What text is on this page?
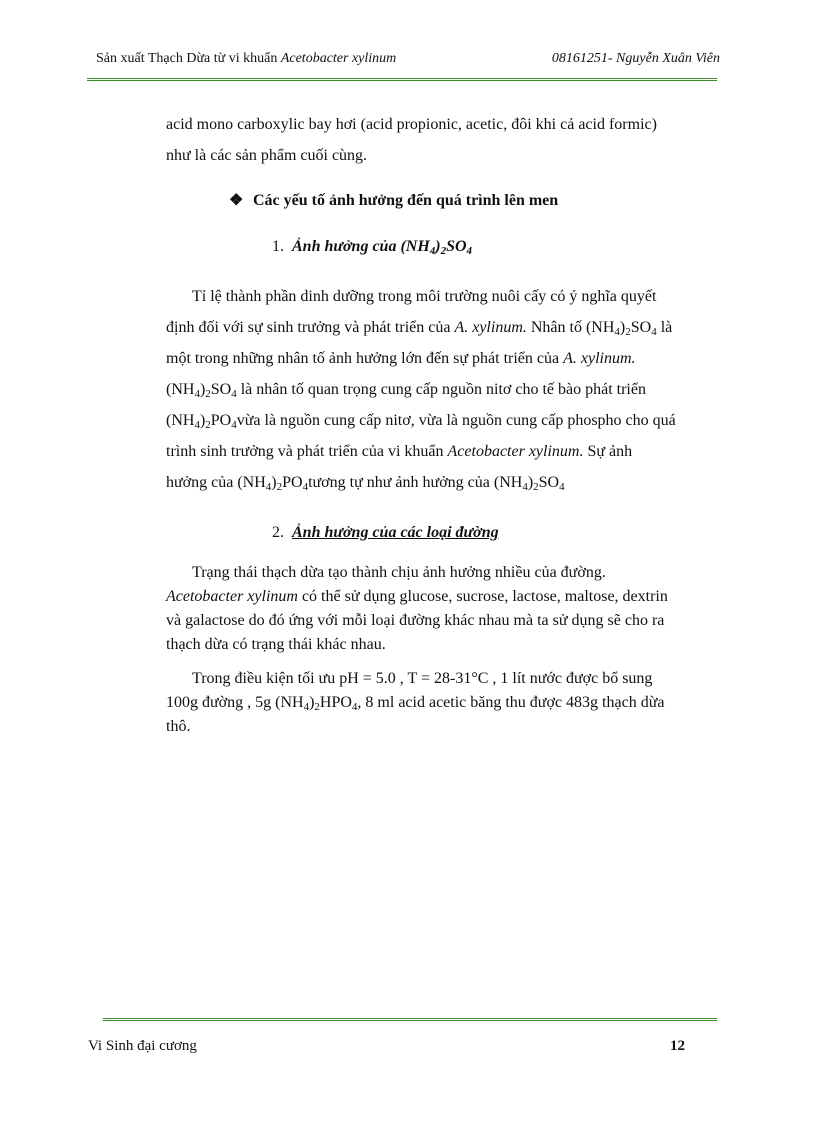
Sản xuất Thạch Dừa từ vi khuẩn Acetobacter xylinum	08161251- Nguyễn Xuân Viên
acid mono carboxylic bay hơi (acid propionic, acetic, đôi khi cả acid formic)
như là các sản phẩm cuối cùng.
❖ Các yếu tố ảnh hưởng đến quá trình lên men
1. Ảnh hưởng của $(NH_4)_2SO_4$
Tỉ lệ thành phần dinh dưỡng trong môi trường nuôi cấy có ý nghĩa quyết
định đối với sự sinh trưởng và phát triển của A. xylinum. Nhân tố $(NH_4)_2SO_4$ là
một trong những nhân tố ảnh hưởng lớn đến sự phát triển của A. xylinum.
$(NH_4)_2SO_4$ là nhân tố quan trọng cung cấp nguồn nitơ cho tế bào phát triển
$(NH_4)_2PO_4vừa$ là nguồn cung cấp nitơ, vừa là nguồn cung cấp phospho cho quá
trình sinh trưởng và phát triển của vi khuẩn Acetobacter xylinum. Sự ảnh
hưởng của $(NH_4)_2PO_4tương$ tự như ảnh hưởng của $(NH_4)_2SO_4$
2. Ảnh hưởng của các loại đường
Trạng thái thạch dừa tạo thành chịu ảnh hưởng nhiều của đường.
Acetobacter xylinum có thể sử dụng glucose, sucrose, lactose, maltose, dextrin
và galactose do đó ứng với mỗi loại đường khác nhau mà ta sử dụng sẽ cho ra
thạch dừa có trạng thái khác nhau.
Trong điều kiện tối ưu pH = 5.0 , T = 28-31°C , 1 lít nước được bổ sung
100g đường , 5g $(NH_4)_2HPO_4$, 8 ml acid acetic băng thu được 483g thạch dừa
thô.
Vi Sinh đại cương	12
